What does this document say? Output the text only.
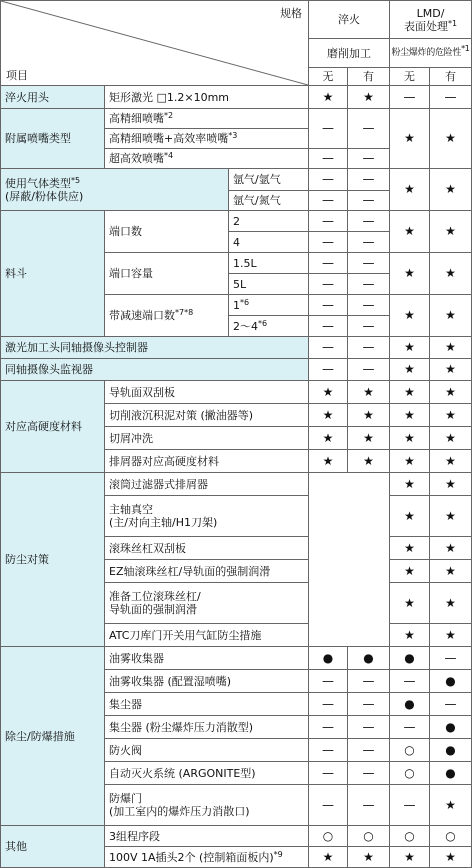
规格
项目			淬火		LMD/
表面处理$^{*1}$
			磨削加工		粉尘爆炸的危险性$^{*1}$
			无	有	无	有
淬火用头	矩形激光 □1.2×10mm		★	★	—	—
附属喷嘴类型	高精细喷嘴$^{*2}$		—	—	★	★
	高精细喷嘴+高效率喷嘴$^{*3}$
	超高效喷嘴$^{*4}$		—	—		
使用气体类型$^{*5}$
(屏蔽/粉体供应)		氩气/氩气	—	—	★	★
		氩气/氮气	—	—		
料斗	端口数	2	—	—	★	★
		4	—	—		
	端口容量	1.5L	—	—	★	★
		5L	—	—		
	带减速端口数$^{*7*8}$	1$^{*6}$	—	—	★	★
		2～4$^{*6}$	—	—		
激光加工头同轴摄像头控制器			—	—	★	★
同轴摄像头监视器			—	—	★	★
对应高硬度材料	导轨面双刮板		★	★	★	★
	切削液沉积泥对策 (撇油器等)		★	★	★	★
	切屑冲洗		★	★	★	★
	排屑器对应高硬度材料		★	★	★	★
防尘对策	滚筒过滤器式排屑器				★	★
	主轴真空
(主/对向主轴/H1刀架)				★	★
	滚珠丝杠双刮板				★	★
	EZ轴滚珠丝杠/导轨面的强制润滑				★	★
	准备工位滚珠丝杠/
导轨面的强制润滑				★	★
	ATC刀库门开关用气缸防尘措施				★	★
除尘/防爆措施	油雾收集器		●	●	●	—
	油雾收集器 (配置湿喷嘴)		—	—	—	●
	集尘器		—	—	●	—
	集尘器 (粉尘爆炸压力消散型)		—	—	—	●
	防火阀		—	—	○	●
	自动灭火系统 (ARGONITE型)		—	—	○	●
	防爆门
(加工室内的爆炸压力消散口)		—	—	—	★
其他	3组程序段		○	○	○	○
	100V 1A插头2个 (控制箱面板内)$^{*9}$		★	★	★	★
